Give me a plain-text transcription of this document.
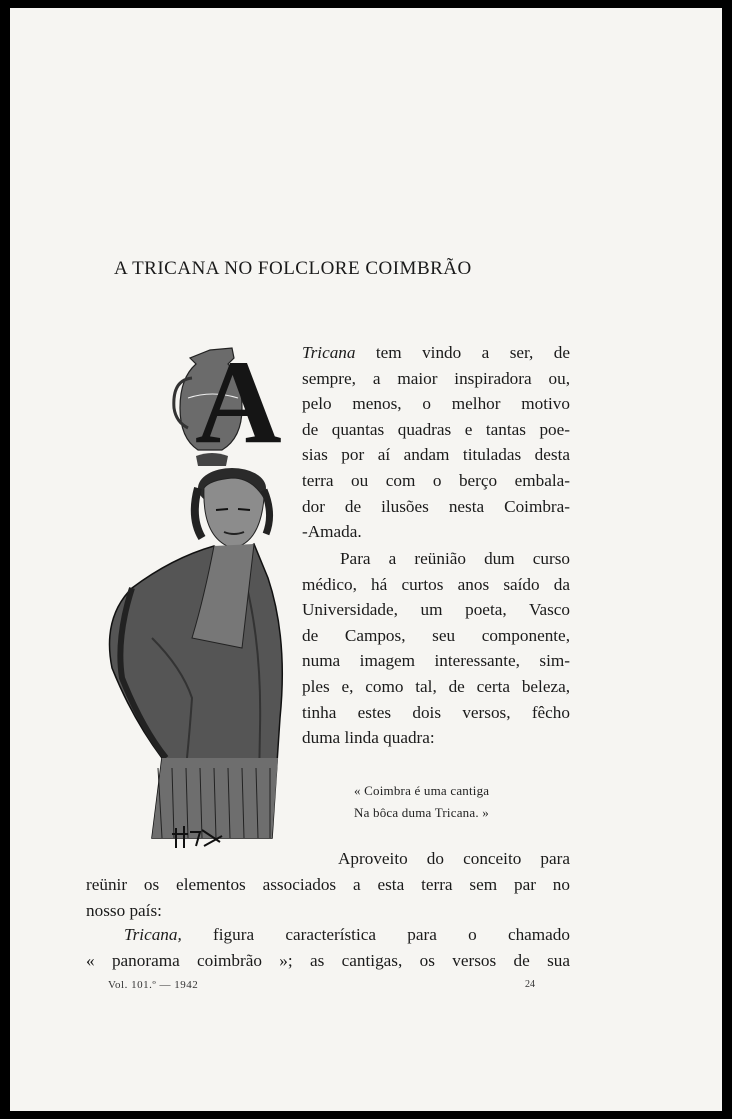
A TRICANA NO FOLCLORE COIMBRÃO
A Tricana tem vindo a ser, de
sempre, a maior inspiradora ou,
pelo menos, o melhor motivo
de quantas quadras e tantas poe-
sias por aí andam tituladas desta
terra ou com o berço embala-
dor de ilusões nesta Coimbra-
-Amada.
Para a reünião dum curso
médico, há curtos anos saído da
Universidade, um poeta, Vasco
de Campos, seu componente,
numa imagem interessante, sim-
ples e, como tal, de certa beleza,
tinha estes dois versos, fêcho
duma linda quadra:
« Coimbra é uma cantiga
Na bôca duma Tricana. »
Aproveito do conceito para
reünir os elementos associados a esta terra sem par no
nosso país:
Tricana, figura característica para o chamado
« panorama coimbrão »; as cantigas, os versos de sua
Vol. 101.º — 1942	24
